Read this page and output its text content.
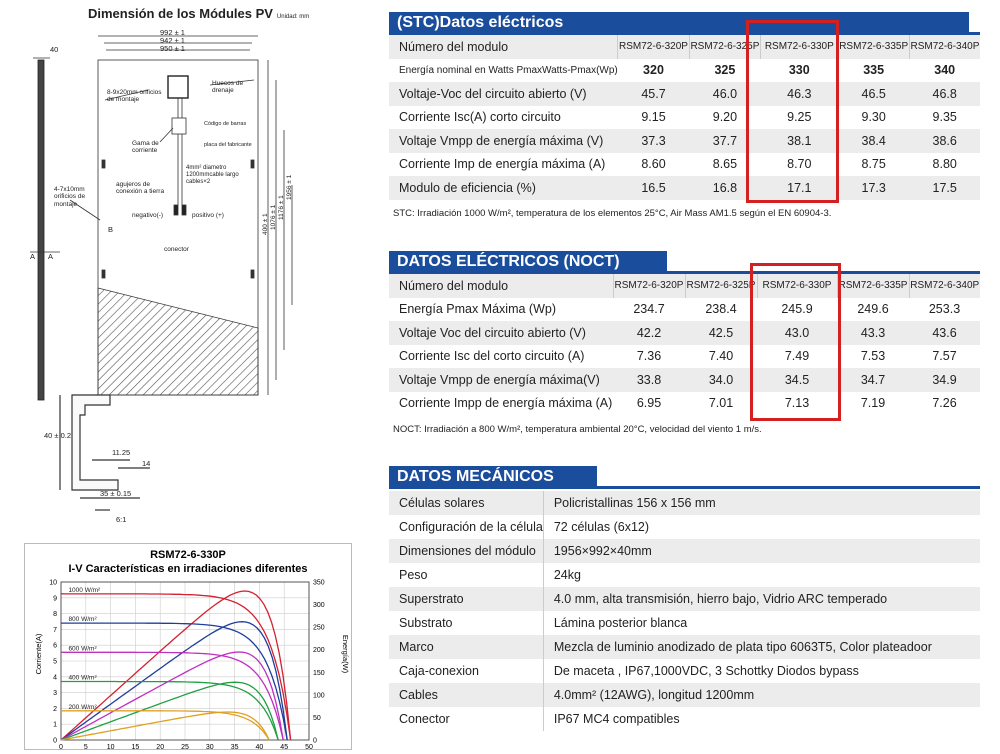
Dimensión de los Módules PV Unidad: mm
992 ± 1
942 ± 1
950 ± 1
40
8-9x20mm orificios de montaje
Huecos de drenaje
Código de barras
placa del fabricante
Gama de corriente
4mm² diametro 1200mmcable largo cables×2
agujeros de conexión a tierra
4-7x10mm orificios de montaje
negativo(-)	positivo (+)
conector
A A
B
1956 ± 1
1176 ± 1
1076 ± 1
400 ± 1
40 ± 0.2
11.25
14
35 ± 0.15
6:1
RSM72-6-330P
I-V Características en irradiaciones diferentes
Corriente(A)	Energía(W)
0	5	10 15 20 25 30 35 40 45 50
0
1
2
3
4
5
6
7
8
9
10
0
50
100
150
200
250
300
350
1000 W/m²
800 W/m²
600 W/m²
400 W/m²
200 W/m²
(STC)Datos eléctricos
Número del modulo	RSM72-6-320P	RSM72-6-325P	RSM72-6-330P	RSM72-6-335P	RSM72-6-340P
Energía nominal en Watts PmaxWatts-Pmax(Wp)	320	325	330	335	340
Voltaje-Voc del circuito abierto (V)	45.7	46.0	46.3	46.5	46.8
Corriente Isc(A) corto circuito	9.15	9.20	9.25	9.30	9.35
Voltaje Vmpp de energía máxima (V)	37.3	37.7	38.1	38.4	38.6
Corriente Imp de energía máxima (A)	8.60	8.65	8.70	8.75	8.80
Modulo de eficiencia (%)	16.5	16.8	17.1	17.3	17.5
STC: Irradiación 1000 W/m², temperatura de los elementos 25°C, Air Mass AM1.5 según el EN 60904-3.
DATOS ELÉCTRICOS (NOCT)
Número del modulo	RSM72-6-320P	RSM72-6-325P	RSM72-6-330P	RSM72-6-335P	RSM72-6-340P
Energía Pmax Máxima (Wp)	234.7	238.4	245.9	249.6	253.3
Voltaje Voc del circuito abierto (V)	42.2	42.5	43.0	43.3	43.6
Corriente Isc del corto circuito (A)	7.36	7.40	7.49	7.53	7.57
Voltaje Vmpp de energía máxima(V)	33.8	34.0	34.5	34.7	34.9
Corriente Impp de energía máxima (A)	6.95	7.01	7.13	7.19	7.26
NOCT: Irradiación a 800 W/m², temperatura ambiental 20°C, velocidad del viento 1 m/s.
DATOS MECÁNICOS
Células solares	Policristallinas 156 x 156 mm
Configuración de la célula	72 células (6x12)
Dimensiones del módulo	1956×992×40mm
Peso	24kg
Superstrato	4.0 mm, alta transmisión, hierro bajo, Vidrio ARC temperado
Substrato	Lámina posterior blanca
Marco	Mezcla de luminio anodizado de plata tipo 6063T5, Color plateadoor
Caja-conexion	De maceta , IP67,1000VDC, 3 Schottky Diodos bypass
Cables	4.0mm² (12AWG), longitud 1200mm
Conector	IP67 MC4 compatibles
